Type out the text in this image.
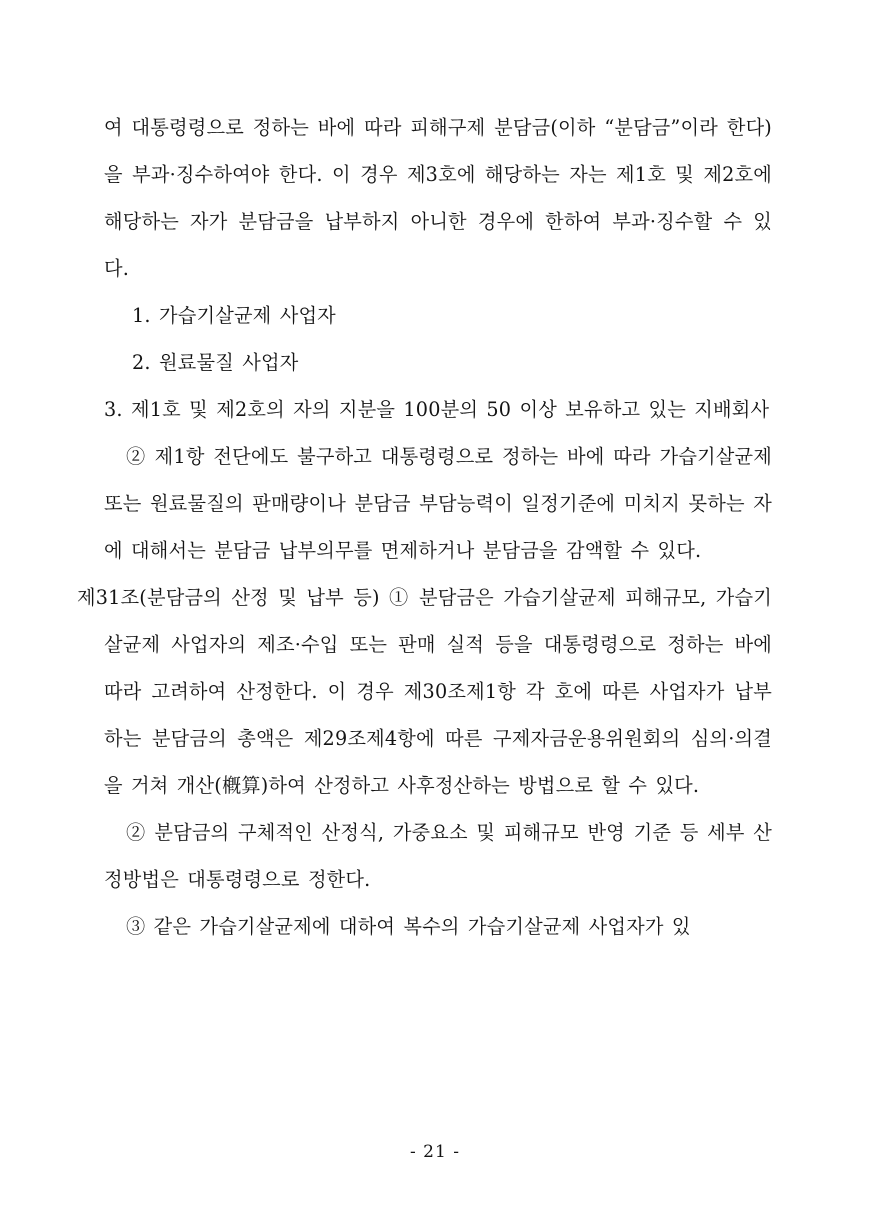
여 대통령령으로 정하는 바에 따라 피해구제 분담금(이하 “분담금”이라 한다)을 부과·징수하여야 한다. 이 경우 제3호에 해당하는 자는 제1호 및 제2호에 해당하는 자가 분담금을 납부하지 아니한 경우에 한하여 부과·징수할 수 있다.

1. 가습기살균제 사업자

2. 원료물질 사업자

3. 제1호 및 제2호의 자의 지분을 100분의 50 이상 보유하고 있는 지배회사

② 제1항 전단에도 불구하고 대통령령으로 정하는 바에 따라 가습기살균제 또는 원료물질의 판매량이나 분담금 부담능력이 일정기준에 미치지 못하는 자에 대해서는 분담금 납부의무를 면제하거나 분담금을 감액할 수 있다.

제31조(분담금의 산정 및 납부 등) ① 분담금은 가습기살균제 피해규모, 가습기살균제 사업자의 제조·수입 또는 판매 실적 등을 대통령령으로 정하는 바에 따라 고려하여 산정한다. 이 경우 제30조제1항 각 호에 따른 사업자가 납부하는 분담금의 총액은 제29조제4항에 따른 구제자금운용위원회의 심의·의결을 거쳐 개산(槪算)하여 산정하고 사후정산하는 방법으로 할 수 있다.

② 분담금의 구체적인 산정식, 가중요소 및 피해규모 반영 기준 등 세부 산정방법은 대통령령으로 정한다.

③ 같은 가습기살균제에 대하여 복수의 가습기살균제 사업자가 있

- 21 -
